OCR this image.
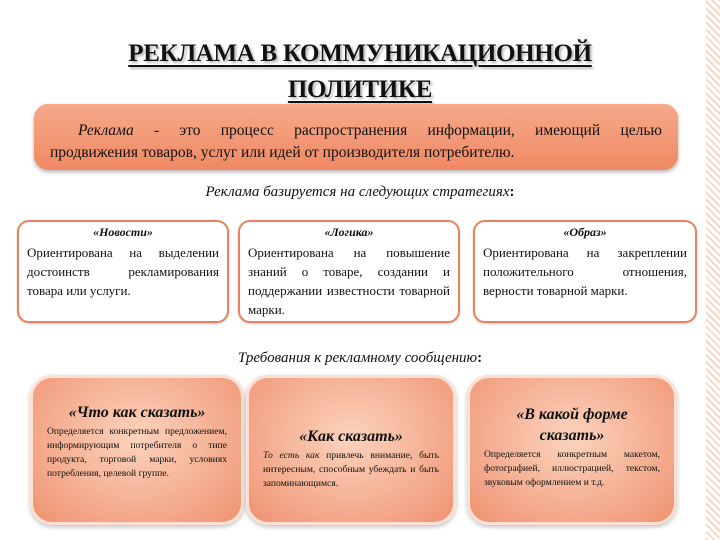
РЕКЛАМА В КОММУНИКАЦИОННОЙ
ПОЛИТИКЕ
Реклама - это процесс распространения информации, имеющий целью
продвижения товаров, услуг или идей от производителя потребителю.
Реклама базируется на следующих стратегиях:
«Новости»
Ориентирована на выделении достоинств рекламирования товара или услуги.
«Логика»
Ориентирована на повышение знаний о товаре, создании и поддержании известности товарной марки.
«Образ»
Ориентирована на закреплении положительного отношения, верности товарной марки.
Требования к рекламному сообщению:
«Что как сказать»
Определяется конкретным предложением, информирующим потребителя о типе продукта, торговой марки, условиях потребления, целевой группе.
«Как сказать»
То есть как привлечь внимание, быть интересным, способным убеждать и быть запоминающимся.
«В какой форме сказать»
Определяется конкретным макетом, фотографией, иллюстрацией, текстом, звуковым оформлением и т.д.
